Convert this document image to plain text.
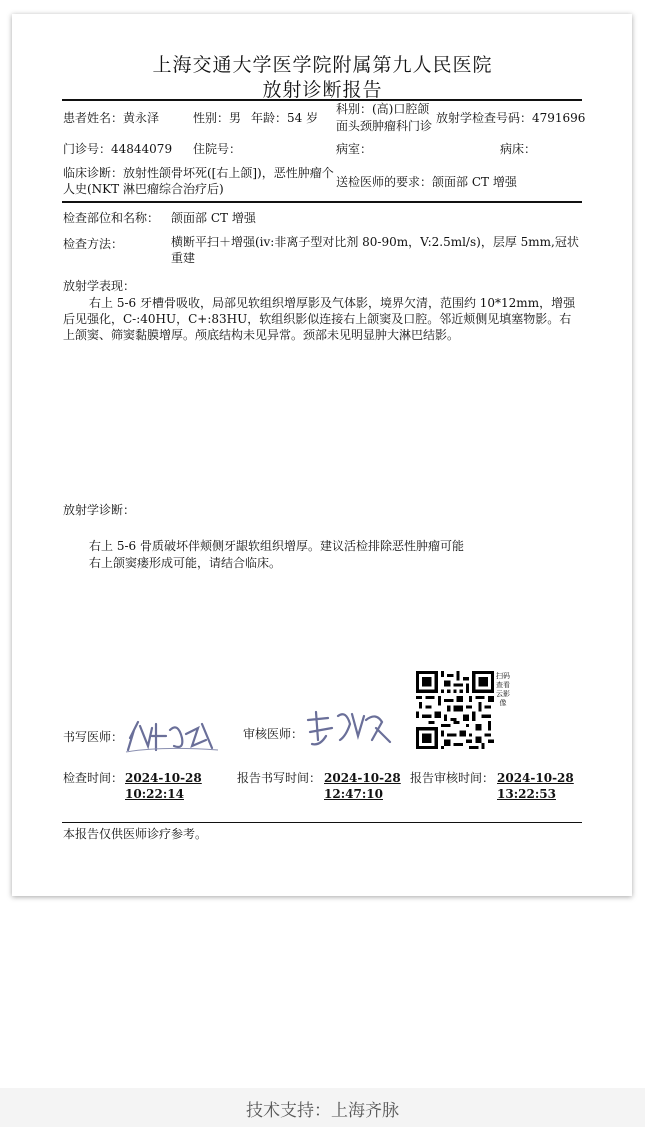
上海交通大学医学院附属第九人民医院
放射诊断报告
患者姓名：黄永泽	性别：男 年龄：54 岁
科别：(高)口腔颌
面头颈肿瘤科门诊
放射学检查号码：4791696
门诊号：44844079 住院号：	病室：	病床：
临床诊断：放射性颌骨坏死([右上颌])，恶性肿瘤个人史(NKT 淋巴瘤综合治疗后)	送检医师的要求：颌面部 CT 增强
检查部位和名称： 颌面部 CT 增强
检查方法：	横断平扫＋增强(iv:非离子型对比剂 80-90m，V:2.5ml/s)，层厚 5mm,冠状重建
放射学表现：
右上 5-6 牙槽骨吸收，局部见软组织增厚影及气体影，境界欠清，范围约 10*12mm，增强后见强化，C-:40HU，C+:83HU，软组织影似连接右上颌窦及口腔。邻近颊侧见填塞物影。右上颌窦、筛窦黏膜增厚。颅底结构未见异常。颈部未见明显肿大淋巴结影。
放射学诊断：
右上 5-6 骨质破坏伴颊侧牙龈软组织增厚。建议活检排除恶性肿瘤可能
右上颌窦瘘形成可能，请结合临床。
书写医师：	审核医师：
扫码查看云影像
检查时间： 2024-10-28
10:22:14
报告书写时间： 2024-10-28
12:47:10
报告审核时间： 2024-10-28
13:22:53
本报告仅供医师诊疗参考。
技术支持：上海齐脉
